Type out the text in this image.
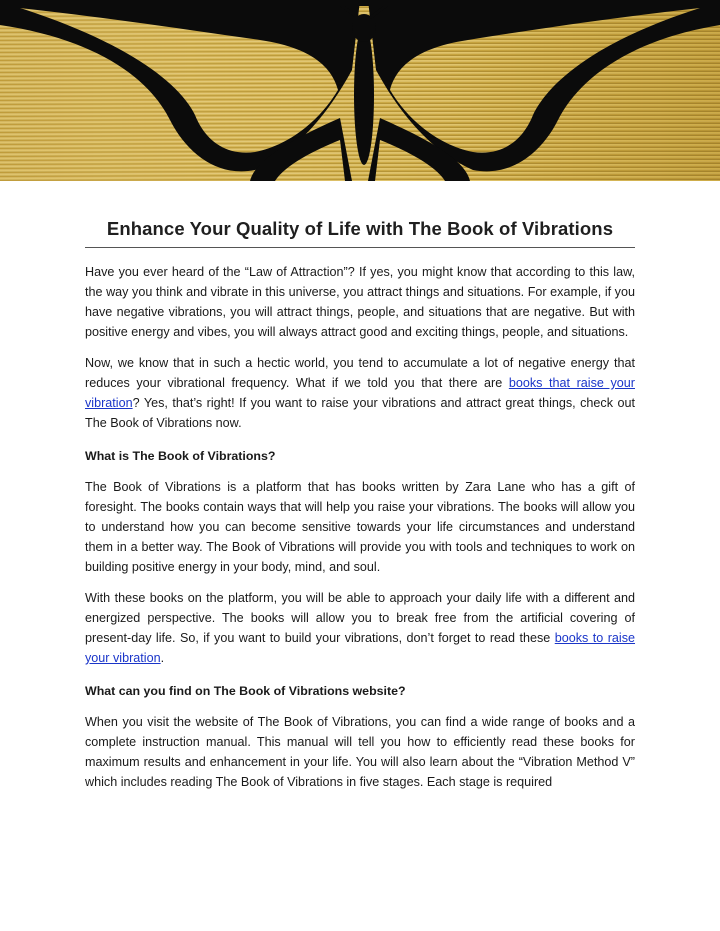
Enhance Your Quality of Life with The Book of Vibrations

Have you ever heard of the “Law of Attraction”? If yes, you might know that according to this law, the way you think and vibrate in this universe, you attract things and situations. For example, if you have negative vibrations, you will attract things, people, and situations that are negative. But with positive energy and vibes, you will always attract good and exciting things, people, and situations.

Now, we know that in such a hectic world, you tend to accumulate a lot of negative energy that reduces your vibrational frequency. What if we told you that there are books that raise your vibration? Yes, that’s right! If you want to raise your vibrations and attract great things, check out The Book of Vibrations now.

What is The Book of Vibrations?

The Book of Vibrations is a platform that has books written by Zara Lane who has a gift of foresight. The books contain ways that will help you raise your vibrations. The books will allow you to understand how you can become sensitive towards your life circumstances and understand them in a better way. The Book of Vibrations will provide you with tools and techniques to work on building positive energy in your body, mind, and soul.

With these books on the platform, you will be able to approach your daily life with a different and energized perspective. The books will allow you to break free from the artificial covering of present-day life. So, if you want to build your vibrations, don’t forget to read these books to raise your vibration.

What can you find on The Book of Vibrations website?

When you visit the website of The Book of Vibrations, you can find a wide range of books and a complete instruction manual. This manual will tell you how to efficiently read these books for maximum results and enhancement in your life. You will also learn about the “Vibration Method V” which includes reading The Book of Vibrations in five stages. Each stage is required
